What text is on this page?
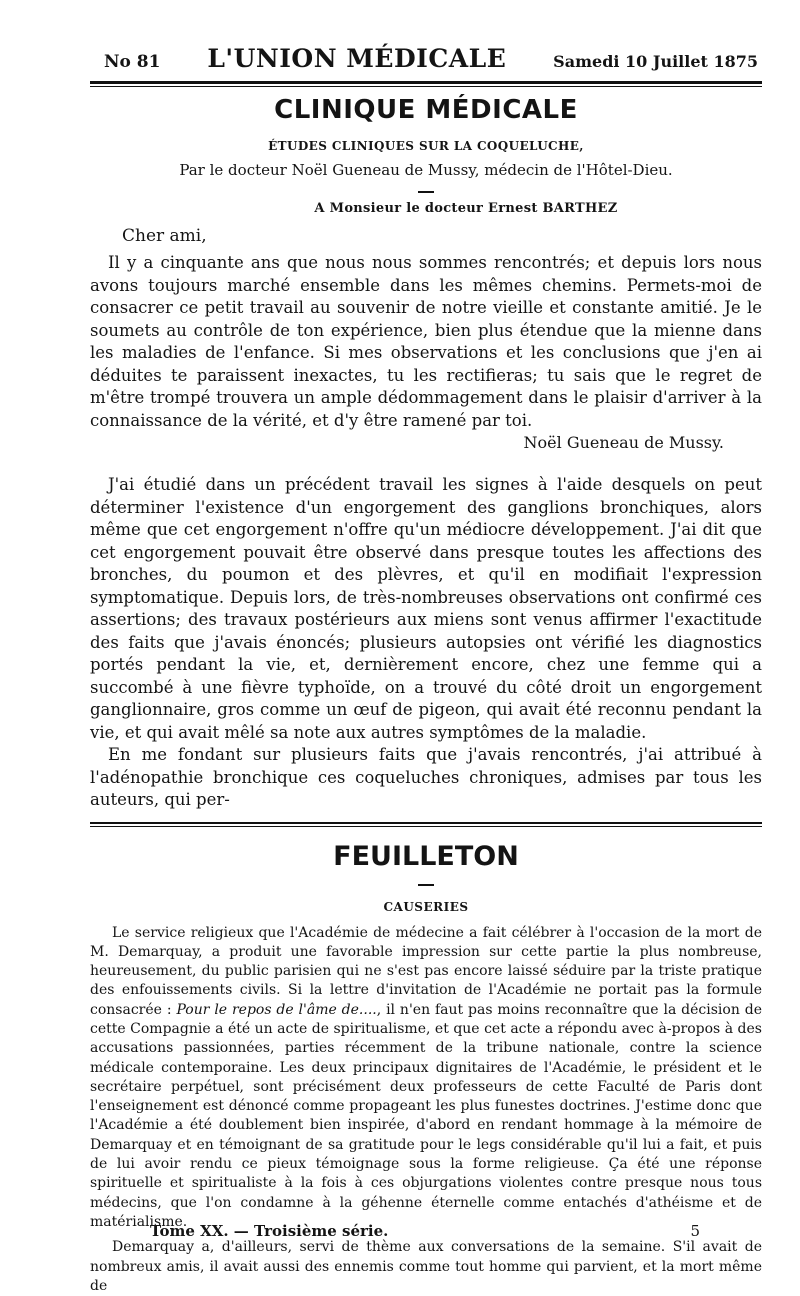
No 81 L'UNION MÉDICALE	Samedi 10 Juillet 1875
CLINIQUE MÉDICALE
ÉTUDES CLINIQUES SUR LA COQUELUCHE,
Par le docteur Noël Gueneau de Mussy, médecin de l'Hôtel-Dieu.
A Monsieur le docteur Ernest BARTHEZ
Cher ami,

Il y a cinquante ans que nous nous sommes rencontrés; et depuis lors nous avons toujours marché ensemble dans les mêmes chemins. Permets-moi de consacrer ce petit travail au souvenir de notre vieille et constante amitié. Je le soumets au contrôle de ton expérience, bien plus étendue que la mienne dans les maladies de l'enfance. Si mes observations et les conclusions que j'en ai déduites te paraissent inexactes, tu les rectifieras; tu sais que le regret de m'être trompé trouvera un ample dédommagement dans le plaisir d'arriver à la connaissance de la vérité, et d'y être ramené par toi.

Noël Gueneau de Mussy.

J'ai étudié dans un précédent travail les signes à l'aide desquels on peut déterminer l'existence d'un engorgement des ganglions bronchiques, alors même que cet engorgement n'offre qu'un médiocre développement. J'ai dit que cet engorgement pouvait être observé dans presque toutes les affections des bronches, du poumon et des plèvres, et qu'il en modifiait l'expression symptomatique. Depuis lors, de très-nombreuses observations ont confirmé ces assertions; des travaux postérieurs aux miens sont venus affirmer l'exactitude des faits que j'avais énoncés; plusieurs autopsies ont vérifié les diagnostics portés pendant la vie, et, dernièrement encore, chez une femme qui a succombé à une fièvre typhoïde, on a trouvé du côté droit un engorgement ganglionnaire, gros comme un œuf de pigeon, qui avait été reconnu pendant la vie, et qui avait mêlé sa note aux autres symptômes de la maladie.

En me fondant sur plusieurs faits que j'avais rencontrés, j'ai attribué à l'adénopathie bronchique ces coqueluches chroniques, admises par tous les auteurs, qui per-

FEUILLETON
CAUSERIES

Le service religieux que l'Académie de médecine a fait célébrer à l'occasion de la mort de M. Demarquay, a produit une favorable impression sur cette partie la plus nombreuse, heureusement, du public parisien qui ne s'est pas encore laissé séduire par la triste pratique des enfouissements civils. Si la lettre d'invitation de l'Académie ne portait pas la formule consacrée : Pour le repos de l'âme de...., il n'en faut pas moins reconnaître que la décision de cette Compagnie a été un acte de spiritualisme, et que cet acte a répondu avec à-propos à des accusations passionnées, parties récemment de la tribune nationale, contre la science médicale contemporaine. Les deux principaux dignitaires de l'Académie, le président et le secrétaire perpétuel, sont précisément deux professeurs de cette Faculté de Paris dont l'enseignement est dénoncé comme propageant les plus funestes doctrines. J'estime donc que l'Académie a été doublement bien inspirée, d'abord en rendant hommage à la mémoire de Demarquay et en témoignant de sa gratitude pour le legs considérable qu'il lui a fait, et puis de lui avoir rendu ce pieux témoignage sous la forme religieuse. Ça été une réponse spirituelle et spiritualiste à la fois à ces objurgations violentes contre presque nous tous médecins, que l'on condamne à la géhenne éternelle comme entachés d'athéisme et de matérialisme.

Demarquay a, d'ailleurs, servi de thème aux conversations de la semaine. S'il avait de nombreux amis, il avait aussi des ennemis comme tout homme qui parvient, et la mort même de

Tome XX. — Troisième série.	5
